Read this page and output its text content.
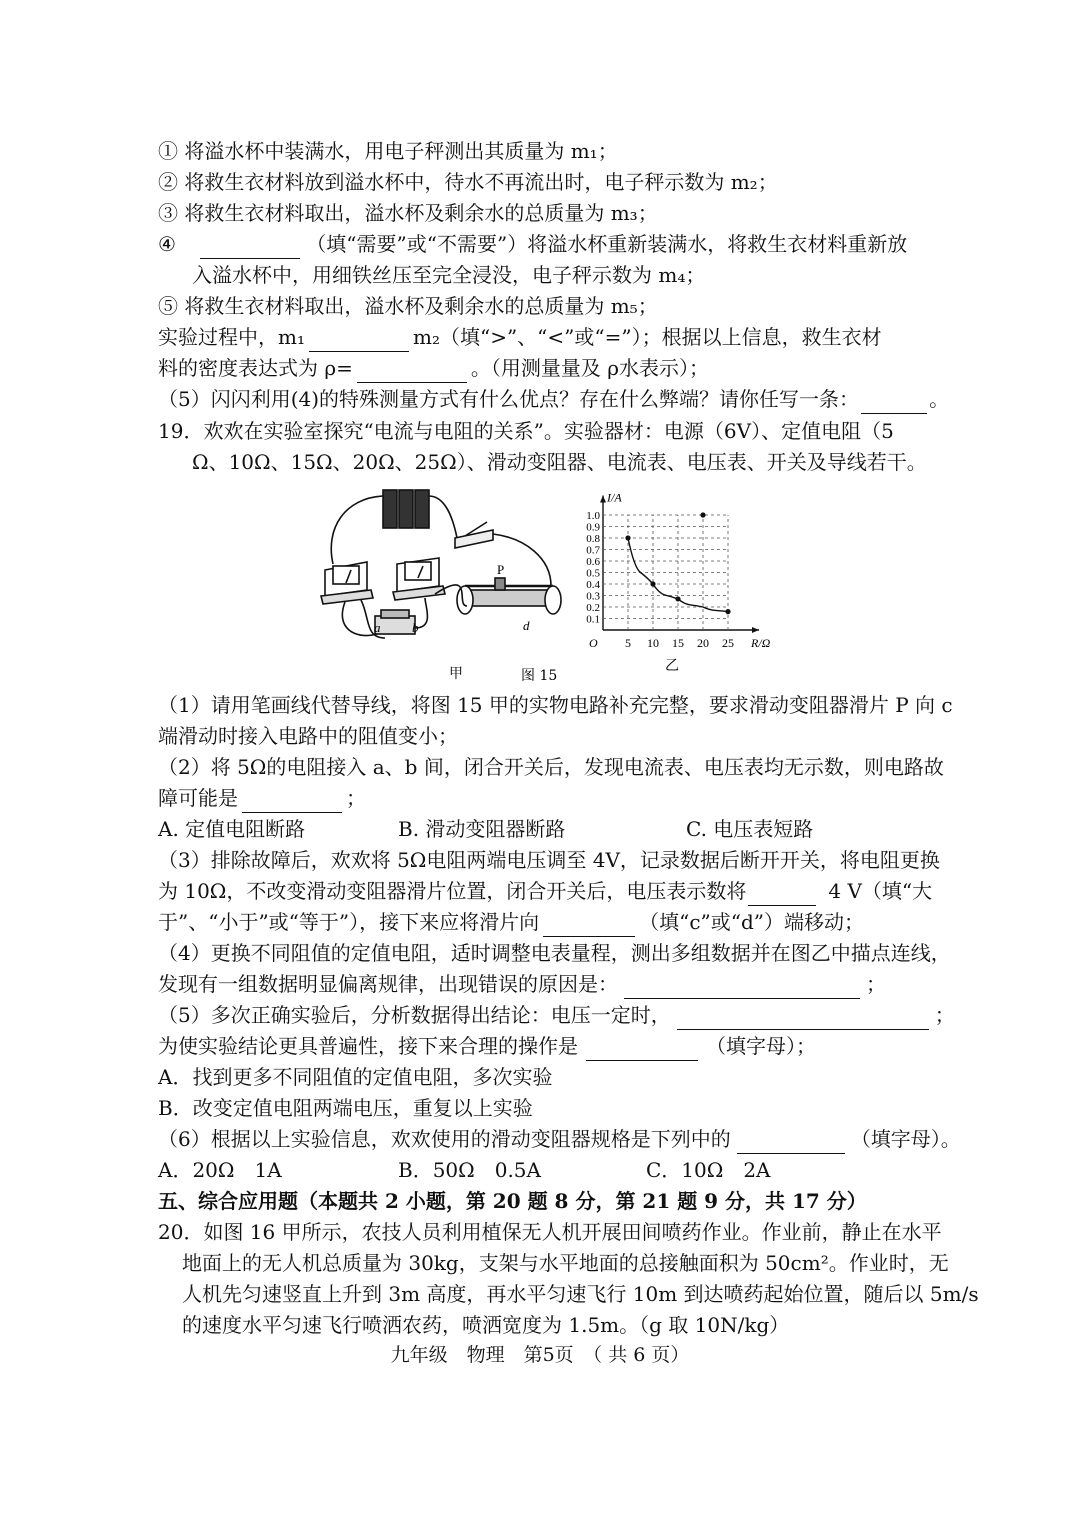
① 将溢水杯中装满水，用电子秤测出其质量为 m₁；
② 将救生衣材料放到溢水杯中，待水不再流出时，电子秤示数为 m₂；
③ 将救生衣材料取出，溢水杯及剩余水的总质量为 m₃；
④	（填“需要”或“不需要”）将溢水杯重新装满水，将救生衣材料重新放
入溢水杯中，用细铁丝压至完全浸没，电子秤示数为 m₄；
⑤ 将救生衣材料取出，溢水杯及剩余水的总质量为 m₅；
实验过程中，m₁	m₂（填“>”、“<”或“=”）；根据以上信息，救生衣材
料的密度表达式为 ρ=	。（用测量量及 ρ水表示）；
（5）闪闪利用(4)的特殊测量方式有什么优点？存在什么弊端？请你任写一条：	。
19．欢欢在实验室探究“电流与电阻的关系”。实验器材：电源（6V）、定值电阻（5
Ω、10Ω、15Ω、20Ω、25Ω）、滑动变阻器、电流表、电压表、开关及导线若干。
a b
P
d
甲	图 15
5 10 15 20 25
0.1
0.2
0.3
0.4
0.5
0.6
0.7
0.8
0.9
1.0
O	R/Ω
I/A
乙
（1）请用笔画线代替导线，将图 15 甲的实物电路补充完整，要求滑动变阻器滑片 P 向 c
端滑动时接入电路中的阻值变小；
（2）将 5Ω的电阻接入 a、b 间，闭合开关后，发现电流表、电压表均无示数，则电路故
障可能是	；
A. 定值电阻断路	B. 滑动变阻器断路	C. 电压表短路
（3）排除故障后，欢欢将 5Ω电阻两端电压调至 4V，记录数据后断开开关，将电阻更换
为 10Ω，不改变滑动变阻器滑片位置，闭合开关后，电压表示数将	4 V（填“大
于”、“小于”或“等于”），接下来应将滑片向	（填“c”或“d”）端移动；
（4）更换不同阻值的定值电阻，适时调整电表量程，测出多组数据并在图乙中描点连线，
发现有一组数据明显偏离规律，出现错误的原因是：	；
（5）多次正确实验后，分析数据得出结论：电压一定时，	；
为使实验结论更具普遍性，接下来合理的操作是	（填字母）；
A．找到更多不同阻值的定值电阻，多次实验
B．改变定值电阻两端电压，重复以上实验
（6）根据以上实验信息，欢欢使用的滑动变阻器规格是下列中的	（填字母）。
A．20Ω　1A	B．50Ω　0.5A	C．10Ω　2A
五、综合应用题（本题共 2 小题，第 20 题 8 分，第 21 题 9 分，共 17 分）
20．如图 16 甲所示，农技人员利用植保无人机开展田间喷药作业。作业前，静止在水平
地面上的无人机总质量为 30kg，支架与水平地面的总接触面积为 50cm²。作业时，无
人机先匀速竖直上升到 3m 高度，再水平匀速飞行 10m 到达喷药起始位置，随后以 5m/s
的速度水平匀速飞行喷洒农药，喷洒宽度为 1.5m。（g 取 10N/kg）
九年级　物理　第5页　（ 共 6 页）
